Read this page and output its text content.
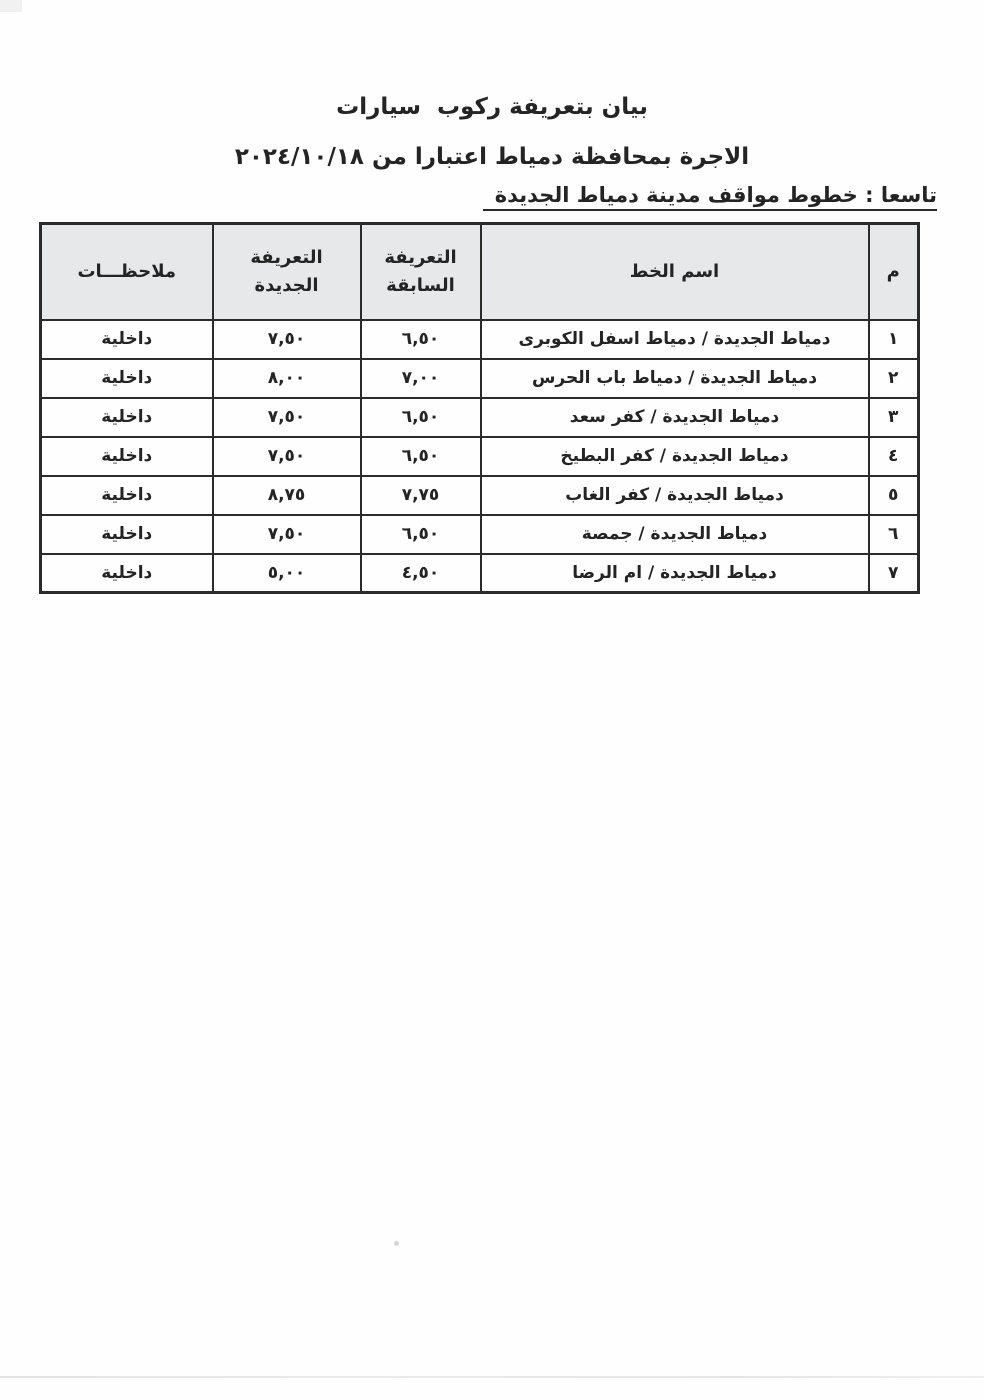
بيان بتعريفة ركوب  سيارات
الاجرة بمحافظة دمياط اعتبارا من ٢٠٢٤/١٠/١٨
تاسعا : خطوط مواقف مدينة دمياط الجديدة
م	اسم الخط	التعريفة السابقة	التعريفة الجديدة	ملاحظـــات
١	دمياط الجديدة / دمياط اسفل الكوبرى	٦,٥٠	٧,٥٠	داخلية
٢	دمياط الجديدة / دمياط باب الحرس	٧,٠٠	٨,٠٠	داخلية
٣	دمياط الجديدة / كفر سعد	٦,٥٠	٧,٥٠	داخلية
٤	دمياط الجديدة / كفر البطيخ	٦,٥٠	٧,٥٠	داخلية
٥	دمياط الجديدة / كفر الغاب	٧,٧٥	٨,٧٥	داخلية
٦	دمياط الجديدة / جمصة	٦,٥٠	٧,٥٠	داخلية
٧	دمياط الجديدة / ام الرضا	٤,٥٠	٥,٠٠	داخلية
